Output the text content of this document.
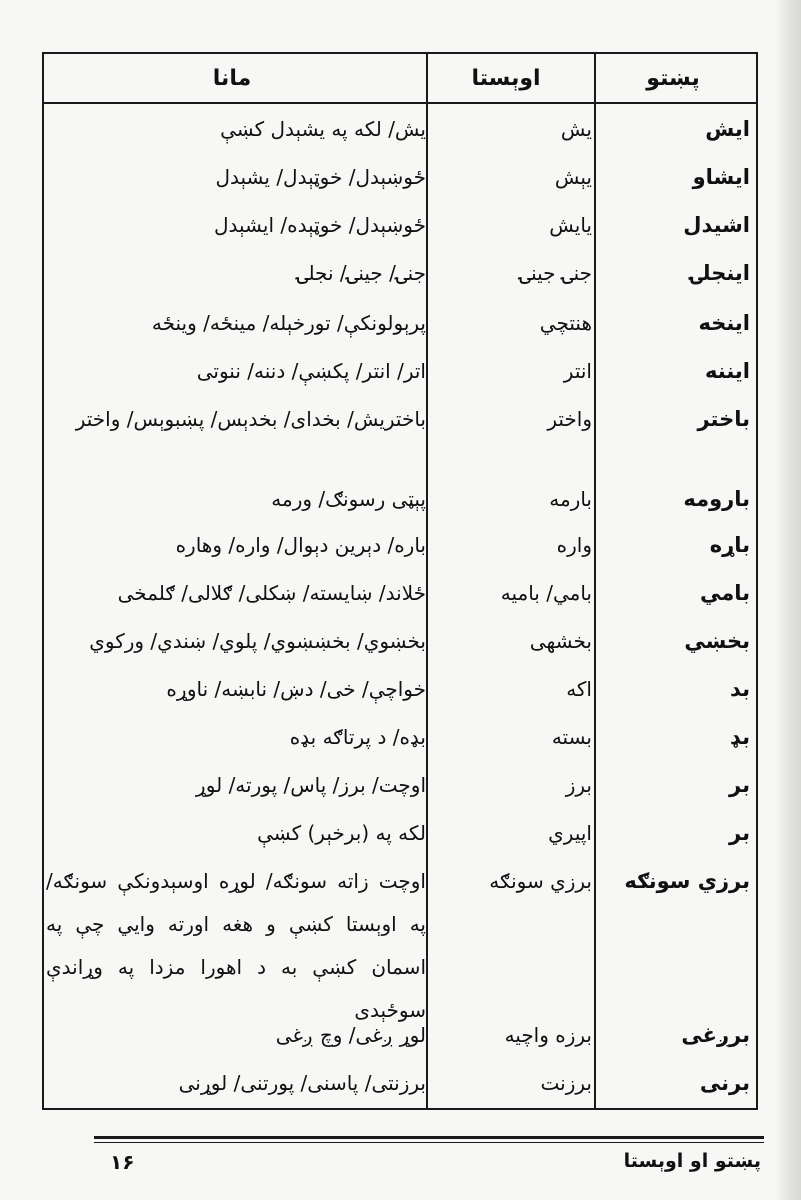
پښتو
اوېستا
مانا
ایش
یش
یش/ لکه په یشېدل کښې
ایشاو
یېش
ځوښېدل/ خوټېدل/ یشېدل
اشیدل
یایش
ځوښېدل/ خوټېده/ ایشېدل
اینجلۍ
جنۍ جینۍ
جنۍ/ جینۍ/ نجلۍ
اینخه
هنتچي
پرېولونکې/ تورخېله/ مینځه/ وینځه
ایننه
انتر
اتر/ انتر/ پکښې/ دننه/ ننوتی
باختر
واختر
باختریش/ بخدای/ بخدېس/ پښبوېس/ واختر
بارومه
بارمه
پېټی رسونګ/ ورمه
باړه
واره
باره/ دېرین دېوال/ واره/ وهاره
بامي
بامي/ بامیه
ځلاند/ ښایسته/ ښکلی/ ګلالی/ ګلمخی
بخښي
بخشهی
بخښوي/ بخښښوي/ پلوي/ ښندي/ ورکوي
بد
اکه
خواچې/ خی/ دښ/ نابښه/ ناوړه
بډ
بسته
بډه/ د پرتاګه بډه
بر
برز
اوچت/ برز/ پاس/ پورته/ لوړ
بر
اپیري
لکه په (برخېر) کښې
برزي سونګه
برزي سونګه
اوچت زاته سونګه/ لوړه اوسېدونکې سونګه/ په اوېستا کښې و هغه اورته وایي چې په اسمان کښې به د اهورا مزدا په وړاندې سوځېدی
برږغی
برزه واچیه
لوړ ږغی/ وچ ږغی
برنی
برزنت
برزنتی/ پاسنی/ پورتنی/ لوړنی
پښتو او اوېستا
١۶
